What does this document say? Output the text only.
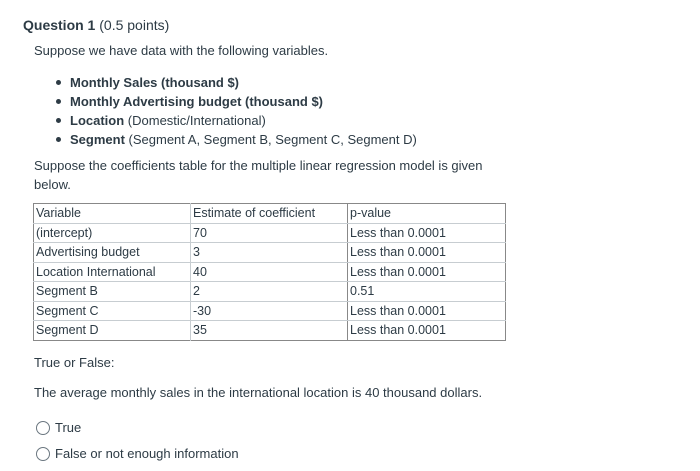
Question 1 (0.5 points)
Suppose we have data with the following variables.
Monthly Sales (thousand $)
Monthly Advertising budget (thousand $)
Location (Domestic/International)
Segment (Segment A, Segment B, Segment C, Segment D)
Suppose the coefficients table for the multiple linear regression model is given below.
Variable	Estimate of coefficient	p-value
(intercept)	70	Less than 0.0001
Advertising budget	3	Less than 0.0001
Location International	40	Less than 0.0001
Segment B	2	0.51
Segment C	-30	Less than 0.0001
Segment D	35	Less than 0.0001
True or False:
The average monthly sales in the international location is 40 thousand dollars.
True
False or not enough information
